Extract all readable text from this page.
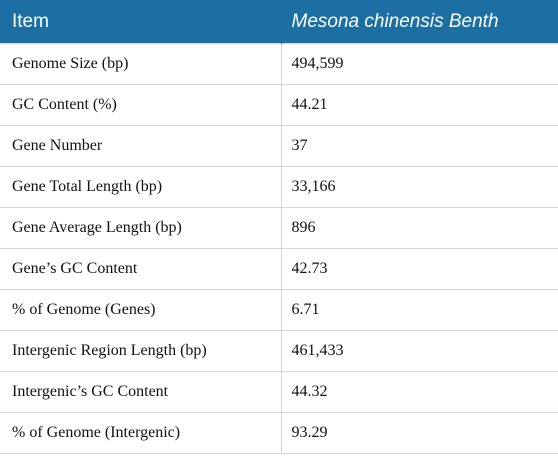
Item	Mesona chinensis Benth
Genome Size (bp)	494,599
GC Content (%)	44.21
Gene Number	37
Gene Total Length (bp)	33,166
Gene Average Length (bp)	896
Gene’s GC Content	42.73
% of Genome (Genes)	6.71
Intergenic Region Length (bp)	461,433
Intergenic’s GC Content	44.32
% of Genome (Intergenic)	93.29
